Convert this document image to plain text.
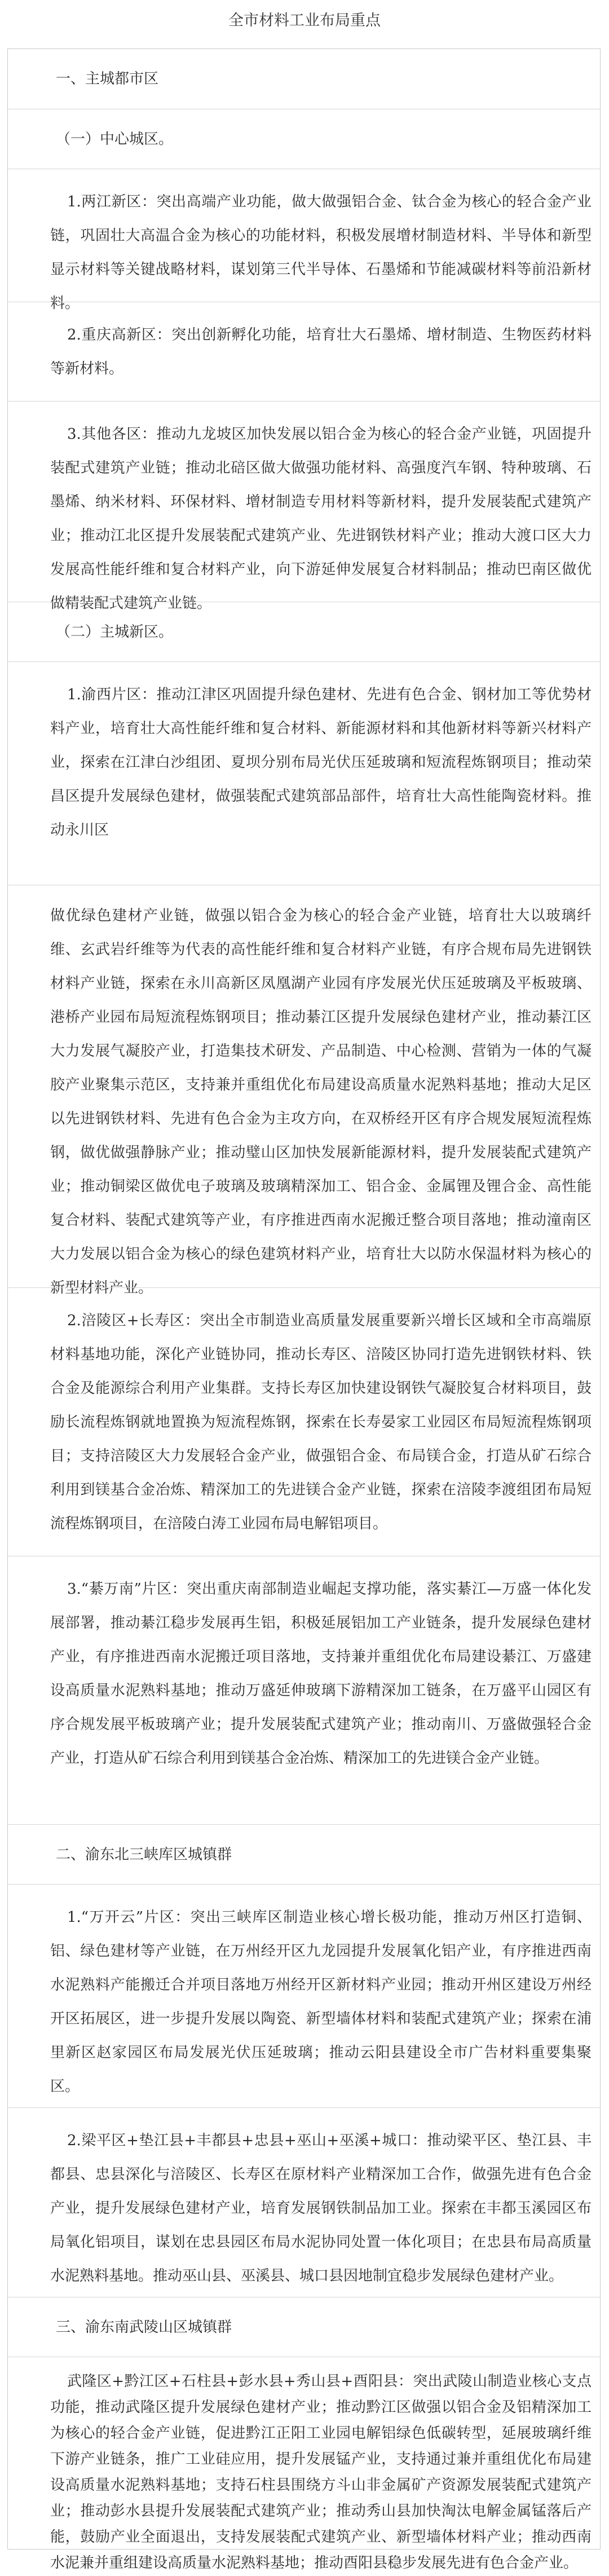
全市材料工业布局重点
一、主城都市区
（一）中心城区。
1.两江新区：突出高端产业功能，做大做强铝合金、钛合金为核心的轻合金产业链，巩固壮大高温合金为核心的功能材料，积极发展增材制造材料、半导体和新型显示材料等关键战略材料，谋划第三代半导体、石墨烯和节能减碳材料等前沿新材料。
2.重庆高新区：突出创新孵化功能，培育壮大石墨烯、增材制造、生物医药材料等新材料。
3.其他各区：推动九龙坡区加快发展以铝合金为核心的轻合金产业链，巩固提升装配式建筑产业链；推动北碚区做大做强功能材料、高强度汽车钢、特种玻璃、石墨烯、纳米材料、环保材料、增材制造专用材料等新材料，提升发展装配式建筑产业；推动江北区提升发展装配式建筑产业、先进钢铁材料产业；推动大渡口区大力发展高性能纤维和复合材料产业，向下游延伸发展复合材料制品；推动巴南区做优做精装配式建筑产业链。
（二）主城新区。
1.渝西片区：推动江津区巩固提升绿色建材、先进有色合金、钢材加工等优势材料产业，培育壮大高性能纤维和复合材料、新能源材料和其他新材料等新兴材料产业，探索在江津白沙组团、夏坝分别布局光伏压延玻璃和短流程炼钢项目；推动荣昌区提升发展绿色建材，做强装配式建筑部品部件，培育壮大高性能陶瓷材料。推动永川区
做优绿色建材产业链，做强以铝合金为核心的轻合金产业链，培育壮大以玻璃纤维、玄武岩纤维等为代表的高性能纤维和复合材料产业链，有序合规布局先进钢铁材料产业链，探索在永川高新区凤凰湖产业园有序发展光伏压延玻璃及平板玻璃、港桥产业园布局短流程炼钢项目；推动綦江区提升发展绿色建材产业，推动綦江区大力发展气凝胶产业，打造集技术研发、产品制造、中心检测、营销为一体的气凝胶产业聚集示范区，支持兼并重组优化布局建设高质量水泥熟料基地；推动大足区以先进钢铁材料、先进有色合金为主攻方向，在双桥经开区有序合规发展短流程炼钢，做优做强静脉产业；推动璧山区加快发展新能源材料，提升发展装配式建筑产业；推动铜梁区做优电子玻璃及玻璃精深加工、铝合金、金属锂及锂合金、高性能复合材料、装配式建筑等产业，有序推进西南水泥搬迁整合项目落地；推动潼南区大力发展以铝合金为核心的绿色建筑材料产业，培育壮大以防水保温材料为核心的新型材料产业。
2.涪陵区+长寿区：突出全市制造业高质量发展重要新兴增长区域和全市高端原材料基地功能，深化产业链协同，推动长寿区、涪陵区协同打造先进钢铁材料、铁合金及能源综合利用产业集群。支持长寿区加快建设钢铁气凝胶复合材料项目，鼓励长流程炼钢就地置换为短流程炼钢，探索在长寿晏家工业园区布局短流程炼钢项目；支持涪陵区大力发展轻合金产业，做强铝合金、布局镁合金，打造从矿石综合利用到镁基合金冶炼、精深加工的先进镁合金产业链，探索在涪陵李渡组团布局短流程炼钢项目，在涪陵白涛工业园布局电解铝项目。
3.“綦万南”片区：突出重庆南部制造业崛起支撑功能，落实綦江—万盛一体化发展部署，推动綦江稳步发展再生铝，积极延展铝加工产业链条，提升发展绿色建材产业，有序推进西南水泥搬迁项目落地，支持兼并重组优化布局建设綦江、万盛建设高质量水泥熟料基地；推动万盛延伸玻璃下游精深加工链条，在万盛平山园区有序合规发展平板玻璃产业；提升发展装配式建筑产业；推动南川、万盛做强轻合金产业，打造从矿石综合利用到镁基合金冶炼、精深加工的先进镁合金产业链。
二、渝东北三峡库区城镇群
1.“万开云”片区：突出三峡库区制造业核心增长极功能，推动万州区打造铜、铝、绿色建材等产业链，在万州经开区九龙园提升发展氧化铝产业，有序推进西南水泥熟料产能搬迁合并项目落地万州经开区新材料产业园；推动开州区建设万州经开区拓展区，进一步提升发展以陶瓷、新型墙体材料和装配式建筑产业；探索在浦里新区赵家园区布局发展光伏压延玻璃；推动云阳县建设全市广告材料重要集聚区。
2.梁平区+垫江县+丰都县+忠县+巫山+巫溪+城口：推动梁平区、垫江县、丰都县、忠县深化与涪陵区、长寿区在原材料产业精深加工合作，做强先进有色合金产业，提升发展绿色建材产业，培育发展钢铁制品加工业。探索在丰都玉溪园区布局氧化铝项目，谋划在忠县园区布局水泥协同处置一体化项目；在忠县布局高质量水泥熟料基地。推动巫山县、巫溪县、城口县因地制宜稳步发展绿色建材产业。
三、渝东南武陵山区城镇群
武隆区+黔江区+石柱县+彭水县+秀山县+酉阳县：突出武陵山制造业核心支点功能，推动武隆区提升发展绿色建材产业；推动黔江区做强以铝合金及铝精深加工为核心的轻合金产业链，促进黔江正阳工业园电解铝绿色低碳转型，延展玻璃纤维下游产业链条，推广工业硅应用，提升发展锰产业，支持通过兼并重组优化布局建设高质量水泥熟料基地；支持石柱县围绕方斗山非金属矿产资源发展装配式建筑产业；推动彭水县提升发展装配式建筑产业；推动秀山县加快淘汰电解金属锰落后产能，鼓励产业全面退出，支持发展装配式建筑产业、新型墙体材料产业；推动西南水泥兼并重组建设高质量水泥熟料基地；推动酉阳县稳步发展先进有色合金产业。
